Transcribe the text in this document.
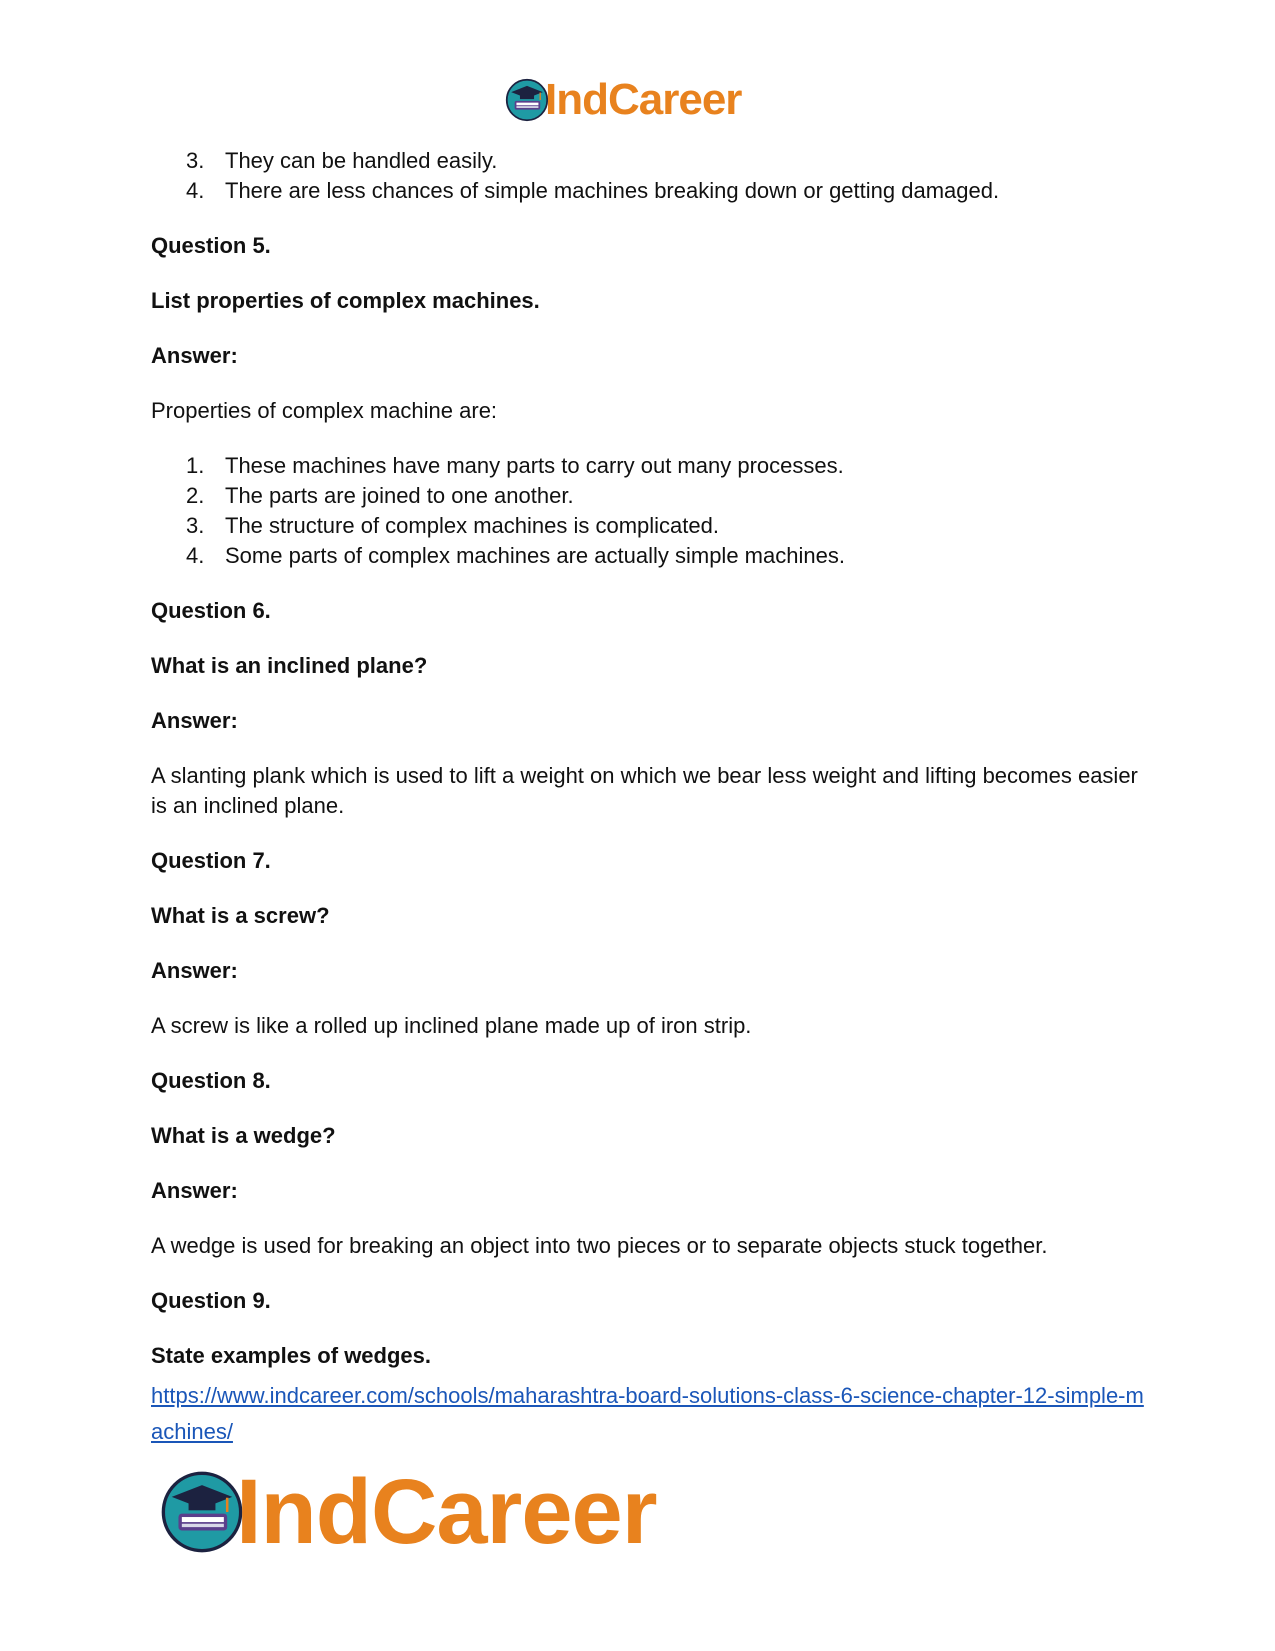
IndCareer
3. They can be handled easily.
4. There are less chances of simple machines breaking down or getting damaged.

Question 5.

List properties of complex machines.

Answer:

Properties of complex machine are:

1. These machines have many parts to carry out many processes.
2. The parts are joined to one another.
3. The structure of complex machines is complicated.
4. Some parts of complex machines are actually simple machines.

Question 6.

What is an inclined plane?

Answer:

A slanting plank which is used to lift a weight on which we bear less weight and lifting becomes easier is an inclined plane.

Question 7.

What is a screw?

Answer:

A screw is like a rolled up inclined plane made up of iron strip.

Question 8.

What is a wedge?

Answer:

A wedge is used for breaking an object into two pieces or to separate objects stuck together.

Question 9.

State examples of wedges.

https://www.indcareer.com/schools/maharashtra-board-solutions-class-6-science-chapter-12-simple-machines/
IndCareer
